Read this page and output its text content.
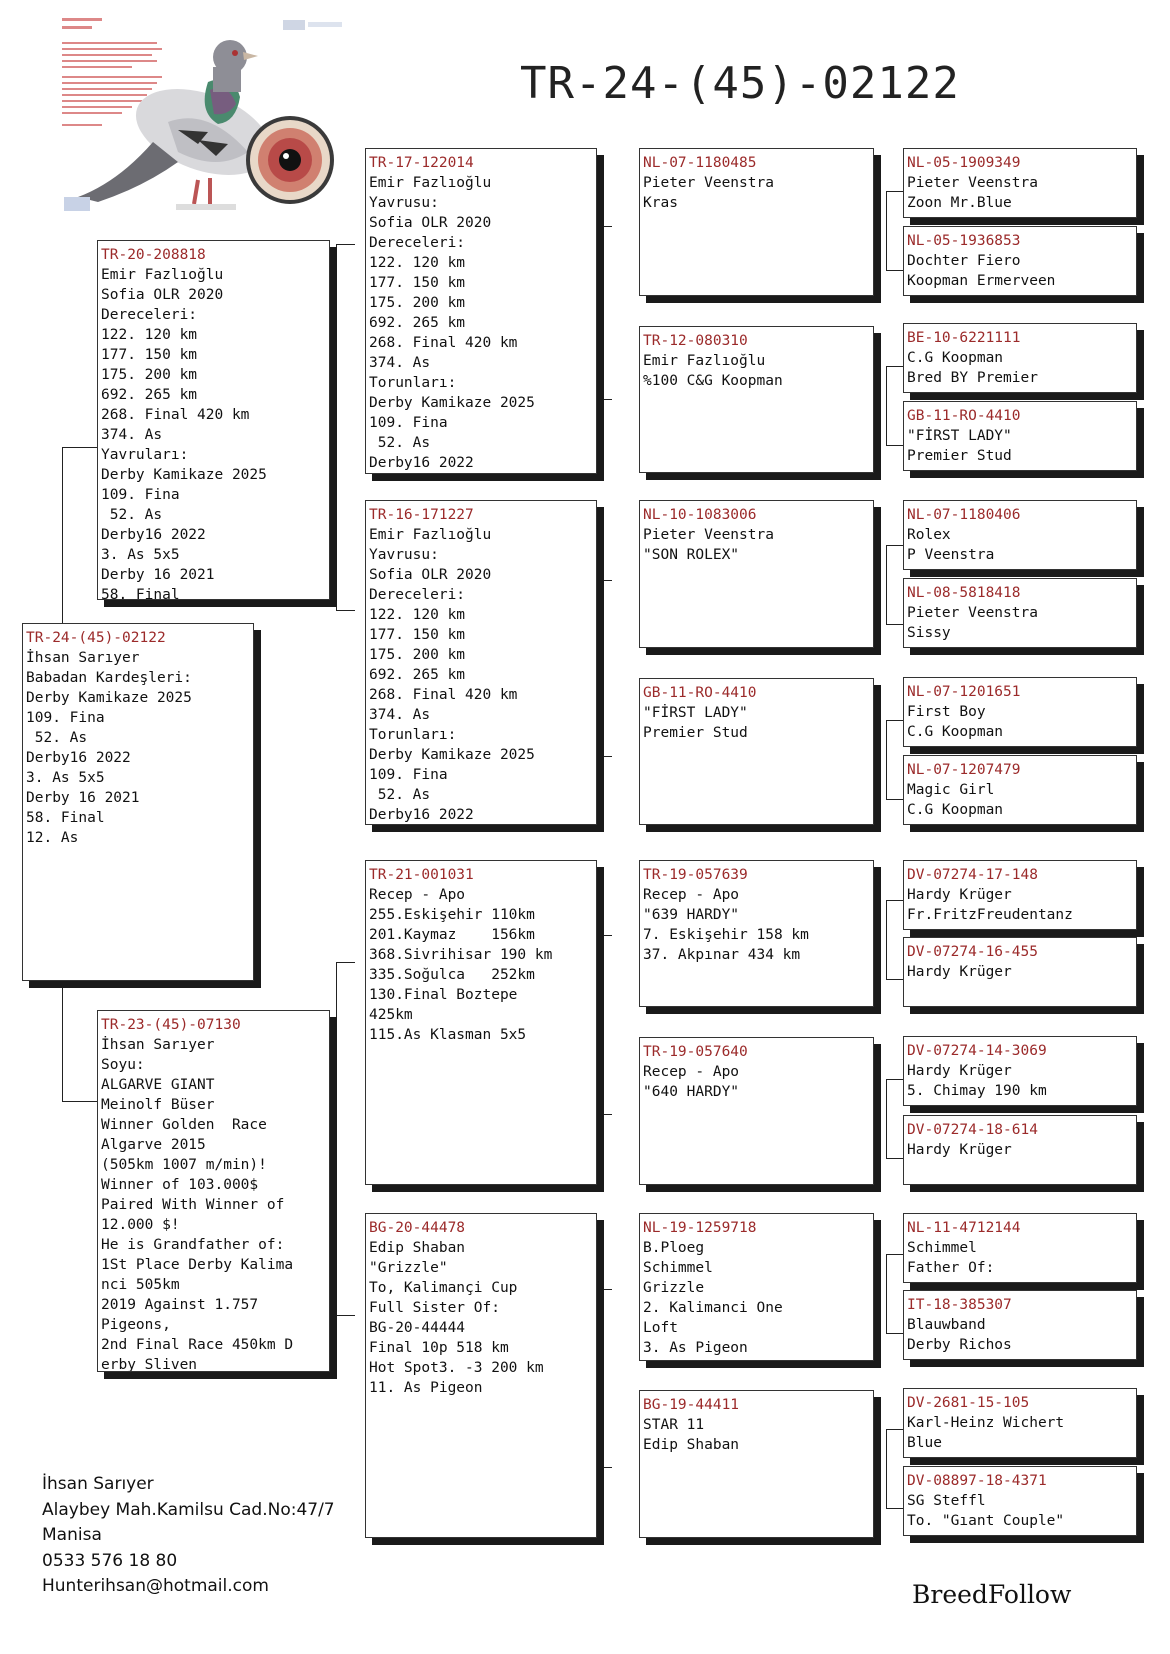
TR-24-(45)-02122
TR-24-(45)-02122
İhsan Sarıyer
Babadan Kardeşleri:
Derby Kamikaze 2025
109. Fina
52. As
Derby16 2022
3. As 5x5
Derby 16 2021
58. Final
12. As
TR-20-208818
Emir Fazlıoğlu
Sofia OLR 2020
Dereceleri:
122. 120 km
177. 150 km
175. 200 km
692. 265 km
268. Final 420 km
374. As
Yavruları:
Derby Kamikaze 2025
109. Fina
52. As
Derby16 2022
3. As 5x5
Derby 16 2021
58. Final
TR-23-(45)-07130
İhsan Sarıyer
Soyu:
ALGARVE GIANT
Meinolf Büser
Winner Golden  Race
Algarve 2015
(505km 1007 m/min)!
Winner of 103.000$
Paired With Winner of
12.000 $!
He is Grandfather of:
1St Place Derby Kalima
nci 505km
2019 Against 1.757
Pigeons,
2nd Final Race 450km D
erby Sliven
TR-17-122014
Emir Fazlıoğlu
Yavrusu:
Sofia OLR 2020
Dereceleri:
122. 120 km
177. 150 km
175. 200 km
692. 265 km
268. Final 420 km
374. As
Torunları:
Derby Kamikaze 2025
109. Fina
52. As
Derby16 2022
TR-16-171227
Emir Fazlıoğlu
Yavrusu:
Sofia OLR 2020
Dereceleri:
122. 120 km
177. 150 km
175. 200 km
692. 265 km
268. Final 420 km
374. As
Torunları:
Derby Kamikaze 2025
109. Fina
52. As
Derby16 2022
TR-21-001031
Recep - Apo
255.Eskişehir 110km
201.Kaymaz    156km
368.Sivrihisar 190 km
335.Soğulca   252km
130.Final Boztepe
425km
115.As Klasman 5x5
BG-20-44478
Edip Shaban
"Grizzle"
To, Kalimançi Cup
Full Sister Of:
BG-20-44444
Final 10p 518 km
Hot Spot3. -3 200 km
11. As Pigeon
NL-07-1180485
Pieter Veenstra
Kras
TR-12-080310
Emir Fazlıoğlu
%100 C&G Koopman
NL-10-1083006
Pieter Veenstra
"SON ROLEX"
GB-11-RO-4410
"FİRST LADY"
Premier Stud
TR-19-057639
Recep - Apo
"639 HARDY"
7. Eskişehir 158 km
37. Akpınar 434 km
TR-19-057640
Recep - Apo
"640 HARDY"
NL-19-1259718
B.Ploeg
Schimmel
Grizzle
2. Kalimanci One
Loft
3. As Pigeon
BG-19-44411
STAR 11
Edip Shaban
NL-05-1909349
Pieter Veenstra
Zoon Mr.Blue
NL-05-1936853
Dochter Fiero
Koopman Ermerveen
BE-10-6221111
C.G Koopman
Bred BY Premier
GB-11-RO-4410
"FİRST LADY"
Premier Stud
NL-07-1180406
Rolex
P Veenstra
NL-08-5818418
Pieter Veenstra
Sissy
NL-07-1201651
First Boy
C.G Koopman
NL-07-1207479
Magic Girl
C.G Koopman
DV-07274-17-148
Hardy Krüger
Fr.FritzFreudentanz
DV-07274-16-455
Hardy Krüger
DV-07274-14-3069
Hardy Krüger
5. Chimay 190 km
DV-07274-18-614
Hardy Krüger
NL-11-4712144
Schimmel
Father Of:
IT-18-385307
Blauwband
Derby Richos
DV-2681-15-105
Karl-Heinz Wichert
Blue
DV-08897-18-4371
SG Steffl
To. "Gıant Couple"
İhsan Sarıyer
Alaybey Mah.Kamilsu Cad.No:47/7
Manisa
0533 576 18 80
Hunterihsan@hotmail.com	BreedFollow
